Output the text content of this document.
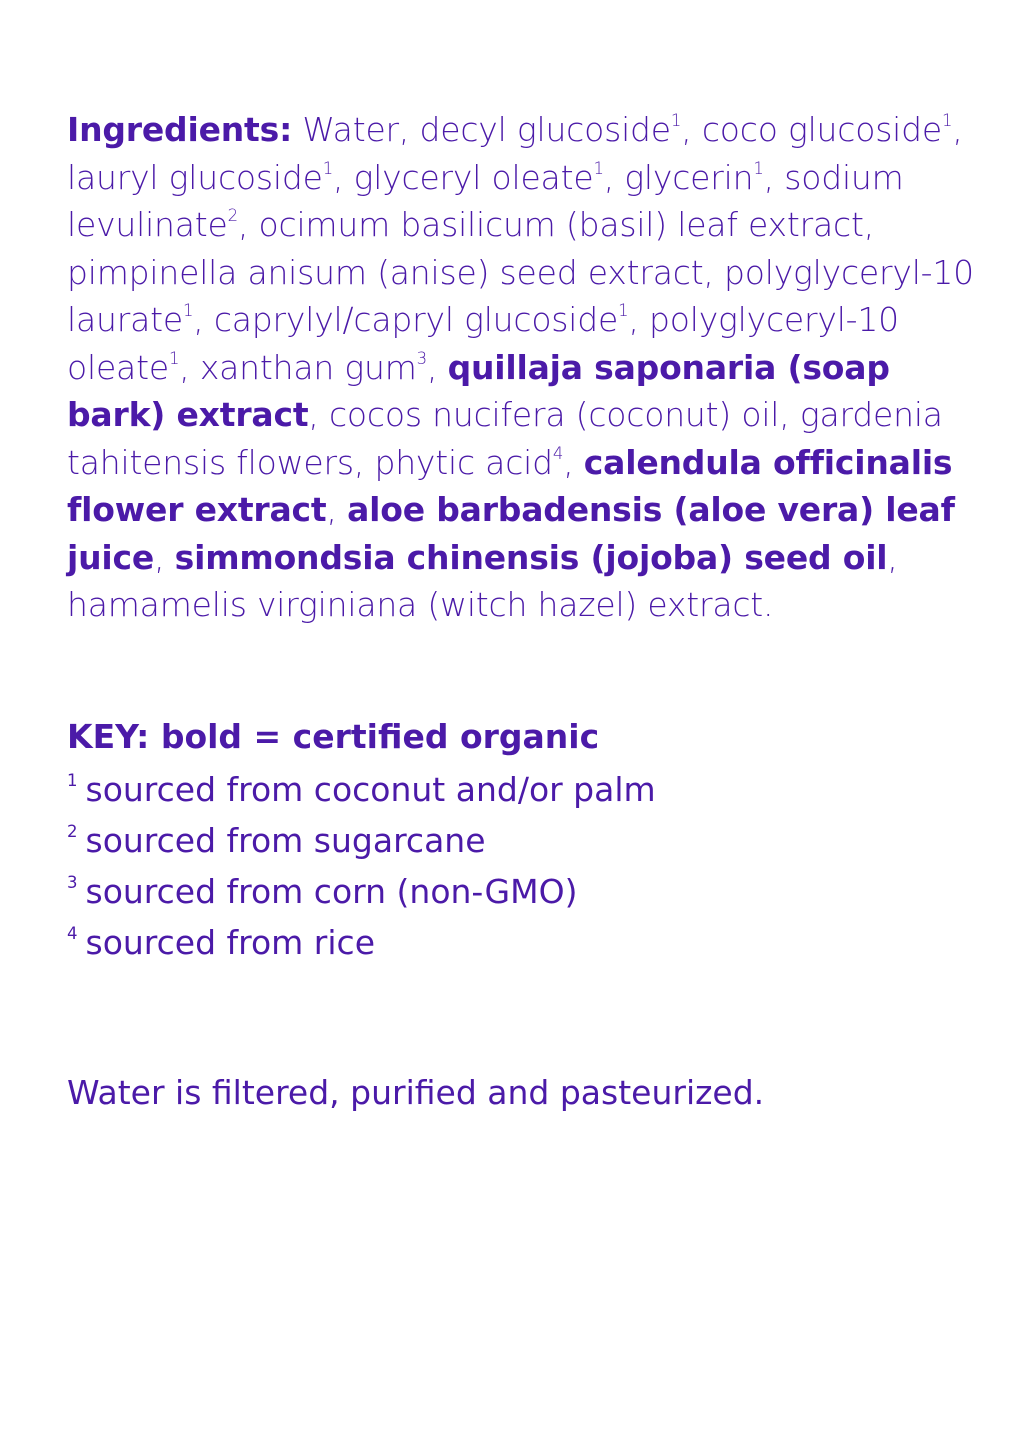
Ingredients: Water, decyl glucoside$^1$, coco glucoside$^1$, lauryl glucoside$^1$, glyceryl oleate$^1$, glycerin$^1$, sodium levulinate$^2$, ocimum basilicum (basil) leaf extract, pimpinella anisum (anise) seed extract, polyglyceryl-10 laurate$^1$, caprylyl/capryl glucoside$^1$, polyglyceryl-10 oleate$^1$, xanthan gum$^3$, quillaja saponaria (soap bark) extract, cocos nucifera (coconut) oil, gardenia tahitensis flowers, phytic acid$^4$, calendula officinalis flower extract, aloe barbadensis (aloe vera) leaf juice, simmondsia chinensis (jojoba) seed oil, hamamelis virginiana (witch hazel) extract.

KEY: bold = certified organic

$^1$ sourced from coconut and/or palm
$^2$ sourced from sugarcane
$^3$ sourced from corn (non-GMO)
$^4$ sourced from rice

Water is filtered, purified and pasteurized.
